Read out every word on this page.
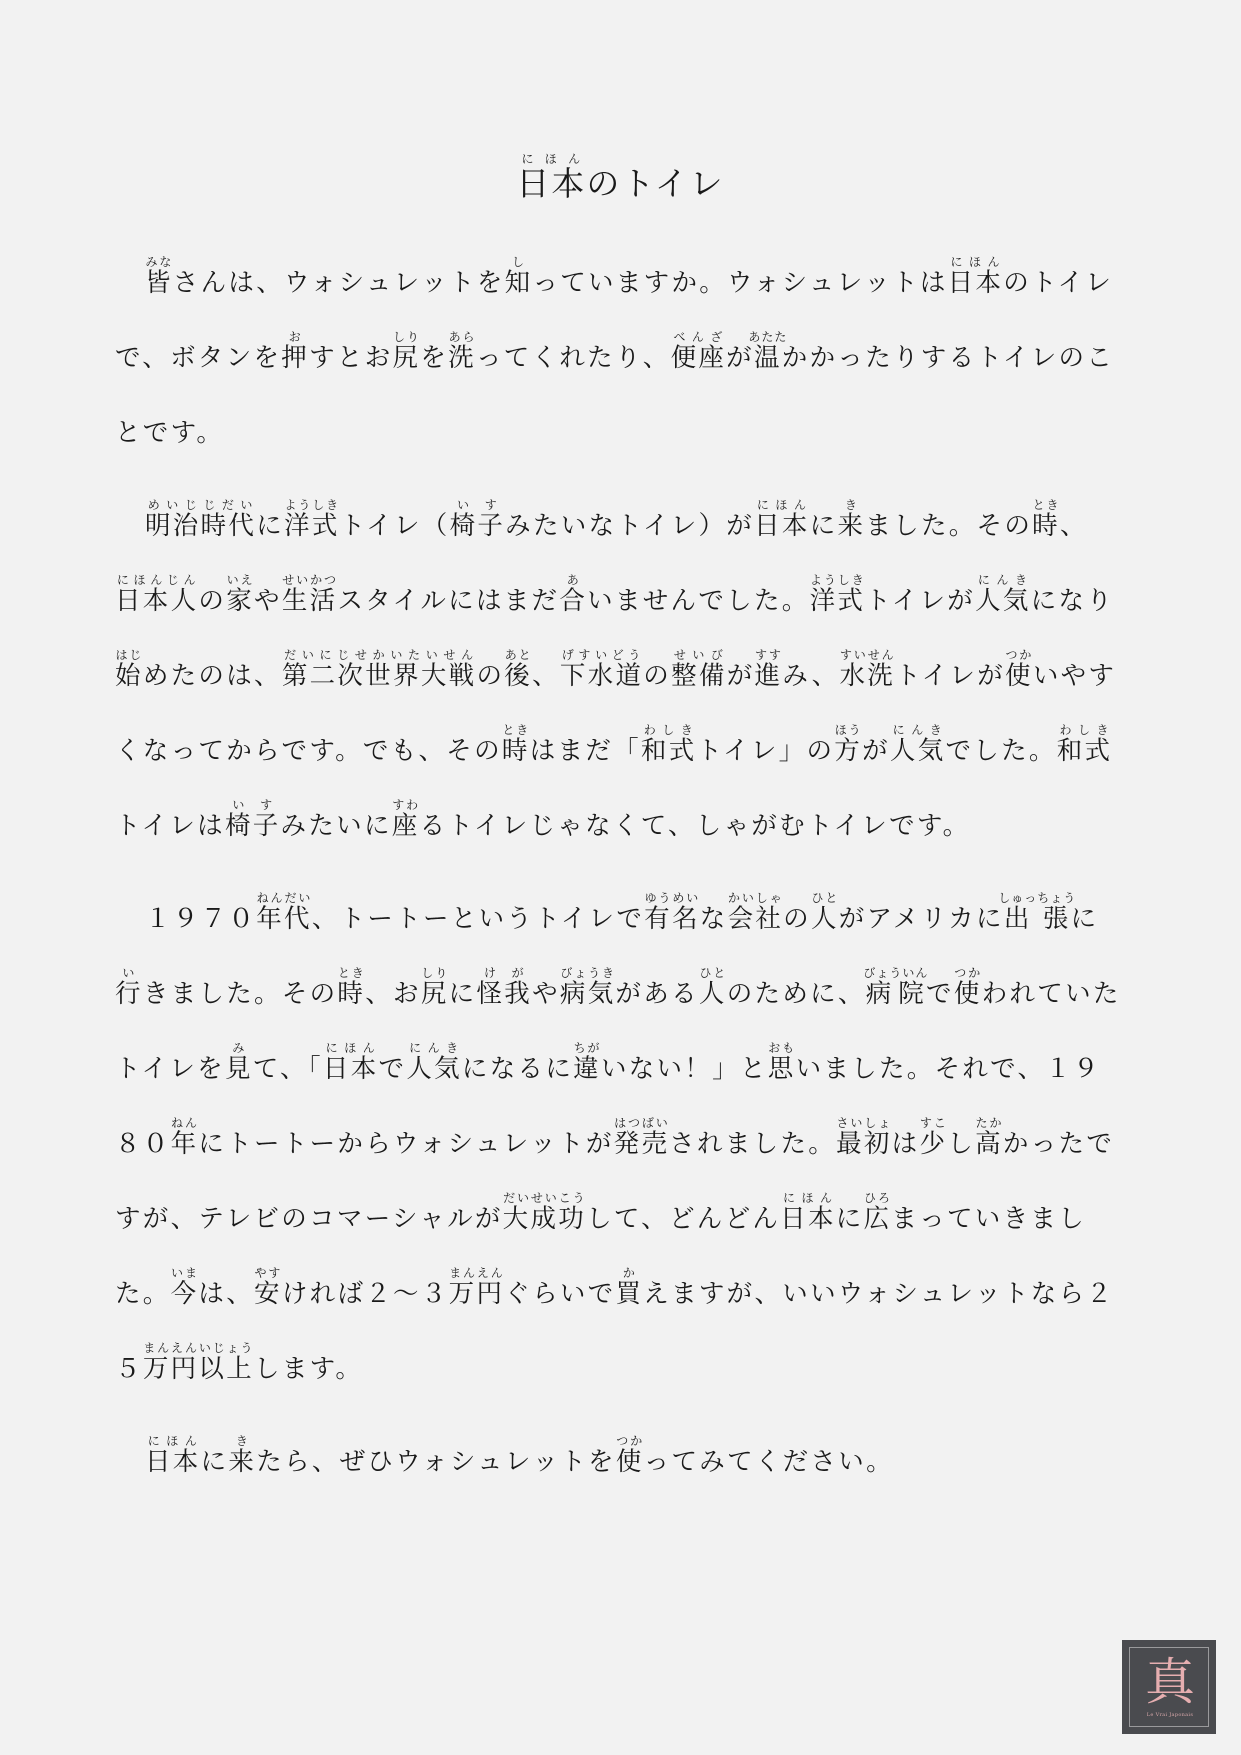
日本にほんのトイレ

皆みなさんは、ウォシュレットを知しっていますか。ウォシュレットは日本にほんのトイレで、ボタンを押おすとお尻しりを洗あらってくれたり、便座べんざが温あたたかかったりするトイレのことです。

明治時代めいじじだいに洋式ようしきトイレ（椅子いすみたいなトイレ）が日本にほんに来きました。その時とき、日本人にほんじんの家いえや生活せいかつスタイルにはまだ合あいませんでした。洋式ようしきトイレが人気にんきになり始はじめたのは、第二次世界大戦だいにじせかいたいせんの後あと、下水道げすいどうの整備せいびが進すすみ、水洗すいせんトイレが使つかいやすくなってからです。でも、その時ときはまだ「和式わしきトイレ」の方ほうが人気にんきでした。和式わしきトイレは椅子いすみたいに座すわるトイレじゃなくて、しゃがむトイレです。

１９７０年代ねんだい、トートーというトイレで有名ゆうめいな会社かいしゃの人ひとがアメリカに出張しゅっちょうに行いきました。その時とき、お尻しりに怪我けがや病気びょうきがある人ひとのために、病院びょういんで使つかわれていたトイレを見みて、「日本にほんで人気にんきになるに違ちがいない！」と思おもいました。それで、１９８０年ねんにトートーからウォシュレットが発売はつばいされました。最初さいしょは少すこし高たかかったですが、テレビのコマーシャルが大成功だいせいこうして、どんどん日本にほんに広ひろまっていきました。今いまは、安やすければ２～３万円まんえんぐらいで買かえますが、いいウォシュレットなら２５万円以上まんえんいじょうします。

日本にほんに来きたら、ぜひウォシュレットを使つかってみてください。

真
Le Vrai Japonais
